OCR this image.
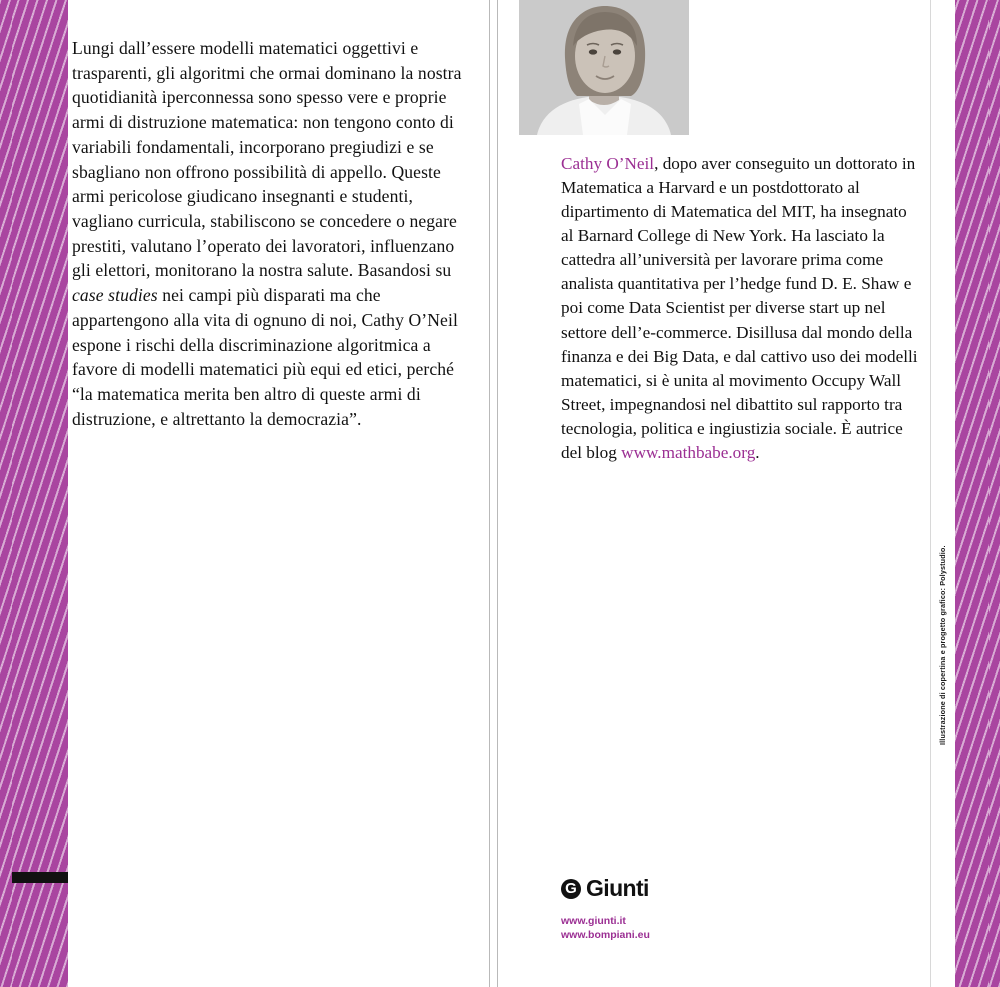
Lungi dall’essere modelli matematici oggettivi e trasparenti, gli algoritmi che ormai dominano la nostra quotidianità iperconnessa sono spesso vere e proprie armi di distruzione matematica: non tengono conto di variabili fondamentali, incorporano pregiudizi e se sbagliano non offrono possibilità di appello. Queste armi pericolose giudicano insegnanti e studenti, vagliano curricula, stabiliscono se concedere o negare prestiti, valutano l’operato dei lavoratori, influenzano gli elettori, monitorano la nostra salute. Basandosi su case studies nei campi più disparati ma che appartengono alla vita di ognuno di noi, Cathy O’Neil espone i rischi della discriminazione algoritmica a favore di modelli matematici più equi ed etici, perché “la matematica merita ben altro di queste armi di distruzione, e altrettanto la democrazia”.
Cathy O’Neil, dopo aver conseguito un dottorato in Matematica a Harvard e un postdottorato al dipartimento di Matematica del MIT, ha insegnato al Barnard College di New York. Ha lasciato la cattedra all’università per lavorare prima come analista quantitativa per l’hedge fund D. E. Shaw e poi come Data Scientist per diverse start up nel settore dell’e-commerce. Disillusa dal mondo della finanza e dei Big Data, e dal cattivo uso dei modelli matematici, si è unita al movimento Occupy Wall Street, impegnandosi nel dibattito sul rapporto tra tecnologia, politica e ingiustizia sociale. È autrice del blog www.mathbabe.org.
G Giunti
www.giunti.it
www.bompiani.eu
Illustrazione di copertina e progetto grafico: Polystudio.
